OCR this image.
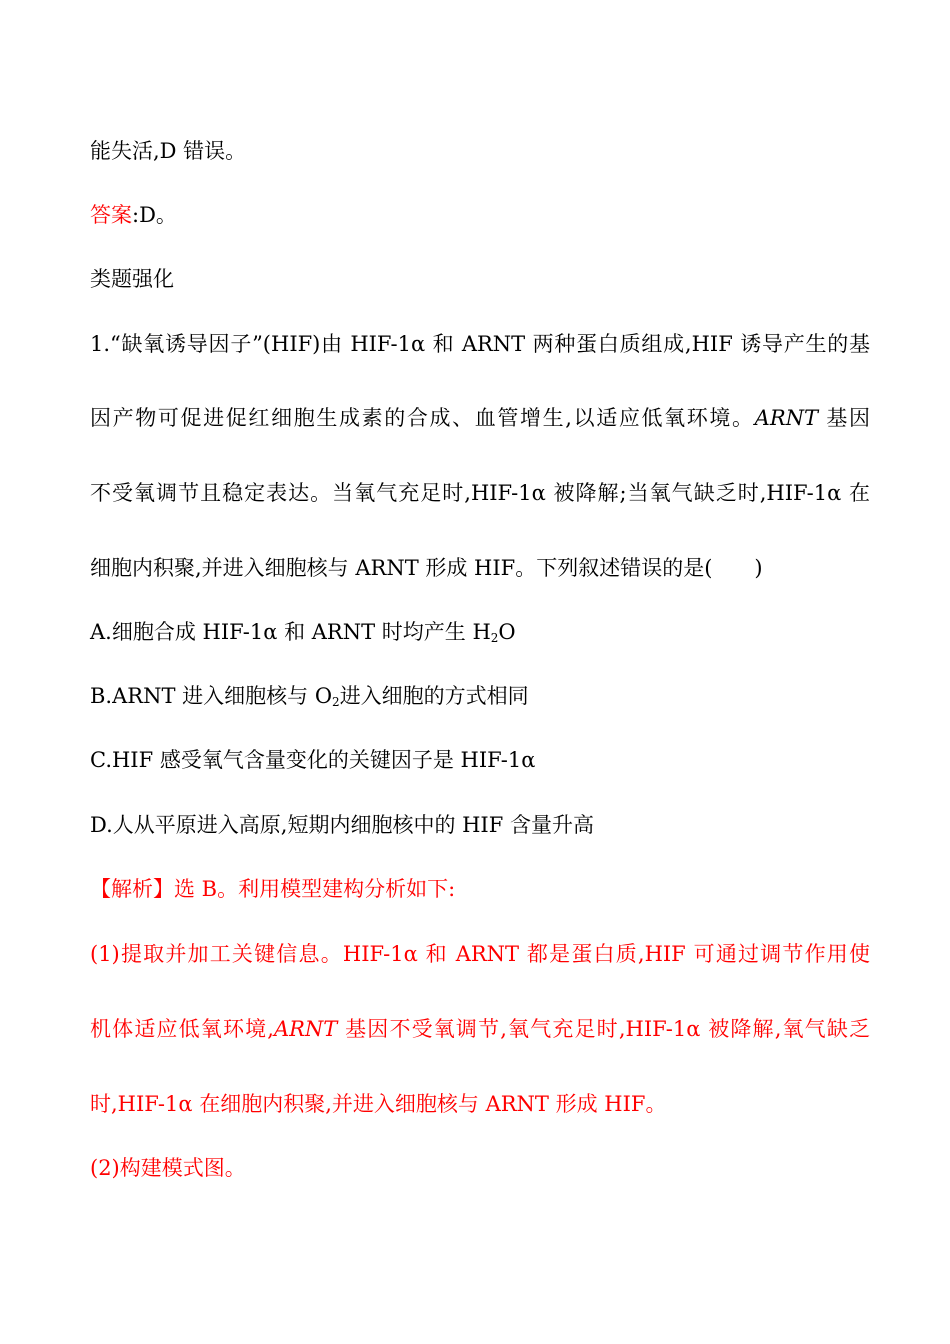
能失活,D 错误。
答案:D。
类题强化
1.“缺氧诱导因子”(HIF)由 HIF-1α 和 ARNT 两种蛋白质组成,HIF 诱导产生的基
因产物可促进促红细胞生成素的合成、血管增生,以适应低氧环境。ARNT 基因
不受氧调节且稳定表达。当氧气充足时,HIF-1α 被降解;当氧气缺乏时,HIF-1α 在
细胞内积聚,并进入细胞核与 ARNT 形成 HIF。下列叙述错误的是(　　)
A.细胞合成 HIF-1α 和 ARNT 时均产生 $H_2O$
B.ARNT 进入细胞核与 $O_2$进入细胞的方式相同
C.HIF 感受氧气含量变化的关键因子是 HIF-1α
D.人从平原进入高原,短期内细胞核中的 HIF 含量升高
【解析】选 B。利用模型建构分析如下:
(1)提取并加工关键信息。HIF-1α 和 ARNT 都是蛋白质,HIF 可通过调节作用使
机体适应低氧环境,ARNT 基因不受氧调节,氧气充足时,HIF-1α 被降解,氧气缺乏
时,HIF-1α 在细胞内积聚,并进入细胞核与 ARNT 形成 HIF。
(2)构建模式图。
